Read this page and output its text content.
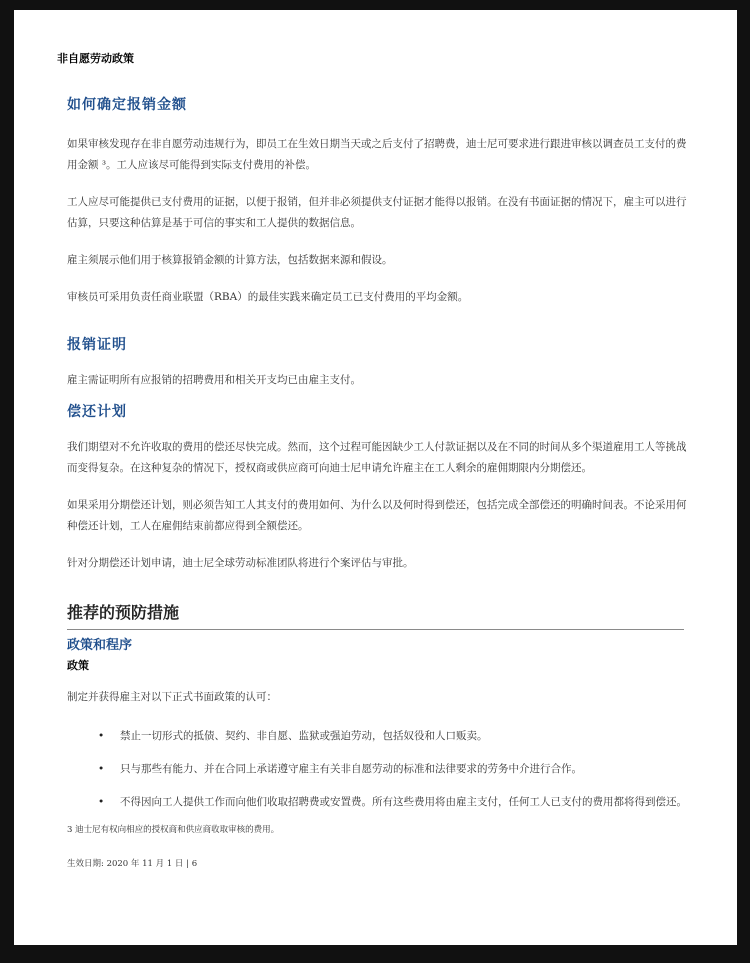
非自愿劳动政策
如何确定报销金额

如果审核发现存在非自愿劳动违规行为，即员工在生效日期当天或之后支付了招聘费，迪士尼可要求进行跟进审核以调查员工支付的费用金额 ³。工人应该尽可能得到实际支付费用的补偿。

工人应尽可能提供已支付费用的证据，以便于报销，但并非必须提供支付证据才能得以报销。在没有书面证据的情况下，雇主可以进行估算，只要这种估算是基于可信的事实和工人提供的数据信息。

雇主须展示他们用于核算报销金额的计算方法，包括数据来源和假设。

审核员可采用负责任商业联盟（RBA）的最佳实践来确定员工已支付费用的平均金额。

报销证明

雇主需证明所有应报销的招聘费用和相关开支均已由雇主支付。

偿还计划

我们期望对不允许收取的费用的偿还尽快完成。然而，这个过程可能因缺少工人付款证据以及在不同的时间从多个渠道雇用工人等挑战而变得复杂。在这种复杂的情况下，授权商或供应商可向迪士尼申请允许雇主在工人剩余的雇佣期限内分期偿还。

如果采用分期偿还计划，则必须告知工人其支付的费用如何、为什么以及何时得到偿还，包括完成全部偿还的明确时间表。不论采用何种偿还计划，工人在雇佣结束前都应得到全额偿还。

针对分期偿还计划申请，迪士尼全球劳动标准团队将进行个案评估与审批。

推荐的预防措施
政策和程序
政策

制定并获得雇主对以下正式书面政策的认可：

• 禁止一切形式的抵债、契约、非自愿、监狱或强迫劳动，包括奴役和人口贩卖。

• 只与那些有能力、并在合同上承诺遵守雇主有关非自愿劳动的标准和法律要求的劳务中介进行合作。

• 不得因向工人提供工作而向他们收取招聘费或安置费。所有这些费用将由雇主支付，任何工人已支付的费用都将得到偿还。

3 迪士尼有权向相应的授权商和供应商收取审核的费用。

生效日期: 2020 年 11 月 1 日 | 6
